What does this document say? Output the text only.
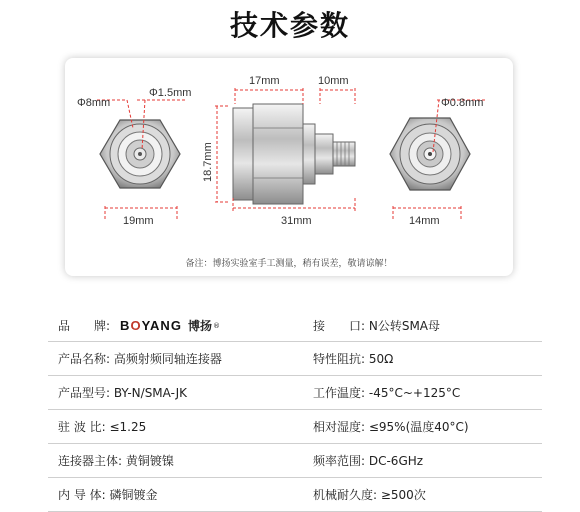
技术参数
Φ8mm
Φ1.5mm
19mm
17mm	10mm
18.7mm
31mm
Φ0.8mm
14mm
备注：博扬实验室手工测量，稍有误差，敬请谅解！
品　　牌: BOYANG 博扬 ®	接　　口: N公转SMA母
产品名称: 高频射频同轴连接器	特性阻抗: 50Ω
产品型号: BY-N/SMA-JK	工作温度: -45°C~+125°C
驻 波 比: ≤1.25	相对湿度: ≤95%(温度40°C)
连接器主体: 黄铜镀镍	频率范围: DC-6GHz
内 导 体: 磷铜镀金	机械耐久度: ≥500次
